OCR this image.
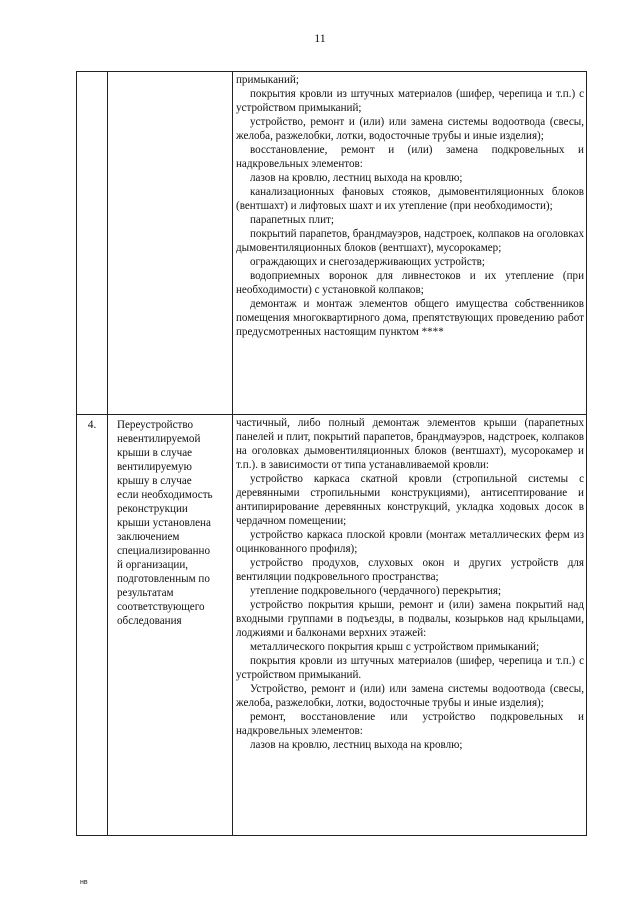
11

примыканий;

покрытия кровли из штучных материалов (шифер, черепица и т.п.) с устройством примыканий;

устройство, ремонт и (или) или замена системы водоотвода (свесы, желоба, разжелобки, лотки, водосточные трубы и иные изделия);

восстановление, ремонт и (или) замена подкровельных и надкровельных элементов:

лазов на кровлю, лестниц выхода на кровлю;

канализационных фановых стояков, дымовентиляционных блоков (вентшахт) и лифтовых шахт и их утепление (при необходимости);

парапетных плит;

покрытий парапетов, брандмауэров, надстроек, колпаков на оголовках дымовентиляционных блоков (вентшахт), мусорокамер;

ограждающих и снегозадерживающих устройств;

водоприемных воронок для ливнестоков и их утепление (при необходимости) с установкой колпаков;

демонтаж и монтаж элементов общего имущества собственников помещения многоквартирного дома, препятствующих проведению работ предусмотренных настоящим пунктом ****

4.	Переустройство
невентилируемой
крыши в случае
вентилируемую
крышу в случае
если необходимость
реконструкции
крыши установлена
заключением
специализированно
й организации,
подготовленным по
результатам
соответствующего
обследования

частичный, либо полный демонтаж элементов крыши (парапетных панелей и плит, покрытий парапетов, брандмауэров, надстроек, колпаков на оголовках дымовентиляционных блоков (вентшахт), мусорокамер и т.п.). в зависимости от типа устанавливаемой кровли:

устройство каркаса скатной кровли (стропильной системы с деревянными стропильными конструкциями), антисептирование и антипирирование деревянных конструкций, укладка ходовых досок в чердачном помещении;

устройство каркаса плоской кровли (монтаж металлических ферм из оцинкованного профиля);

устройство продухов, слуховых окон и других устройств для вентиляции подкровельного пространства;

утепление подкровельного (чердачного) перекрытия;

устройство покрытия крыши, ремонт и (или) замена покрытий над входными группами в подъезды, в подвалы, козырьков над крыльцами, лоджиями и балконами верхних этажей:

металлического покрытия крыш с устройством примыканий;

покрытия кровли из штучных материалов (шифер, черепица и т.п.) с устройством примыканий.

Устройство, ремонт и (или) или замена системы водоотвода (свесы, желоба, разжелобки, лотки, водосточные трубы и иные изделия);

ремонт, восстановление или устройство подкровельных и надкровельных элементов:

лазов на кровлю, лестниц выхода на кровлю;

нв
